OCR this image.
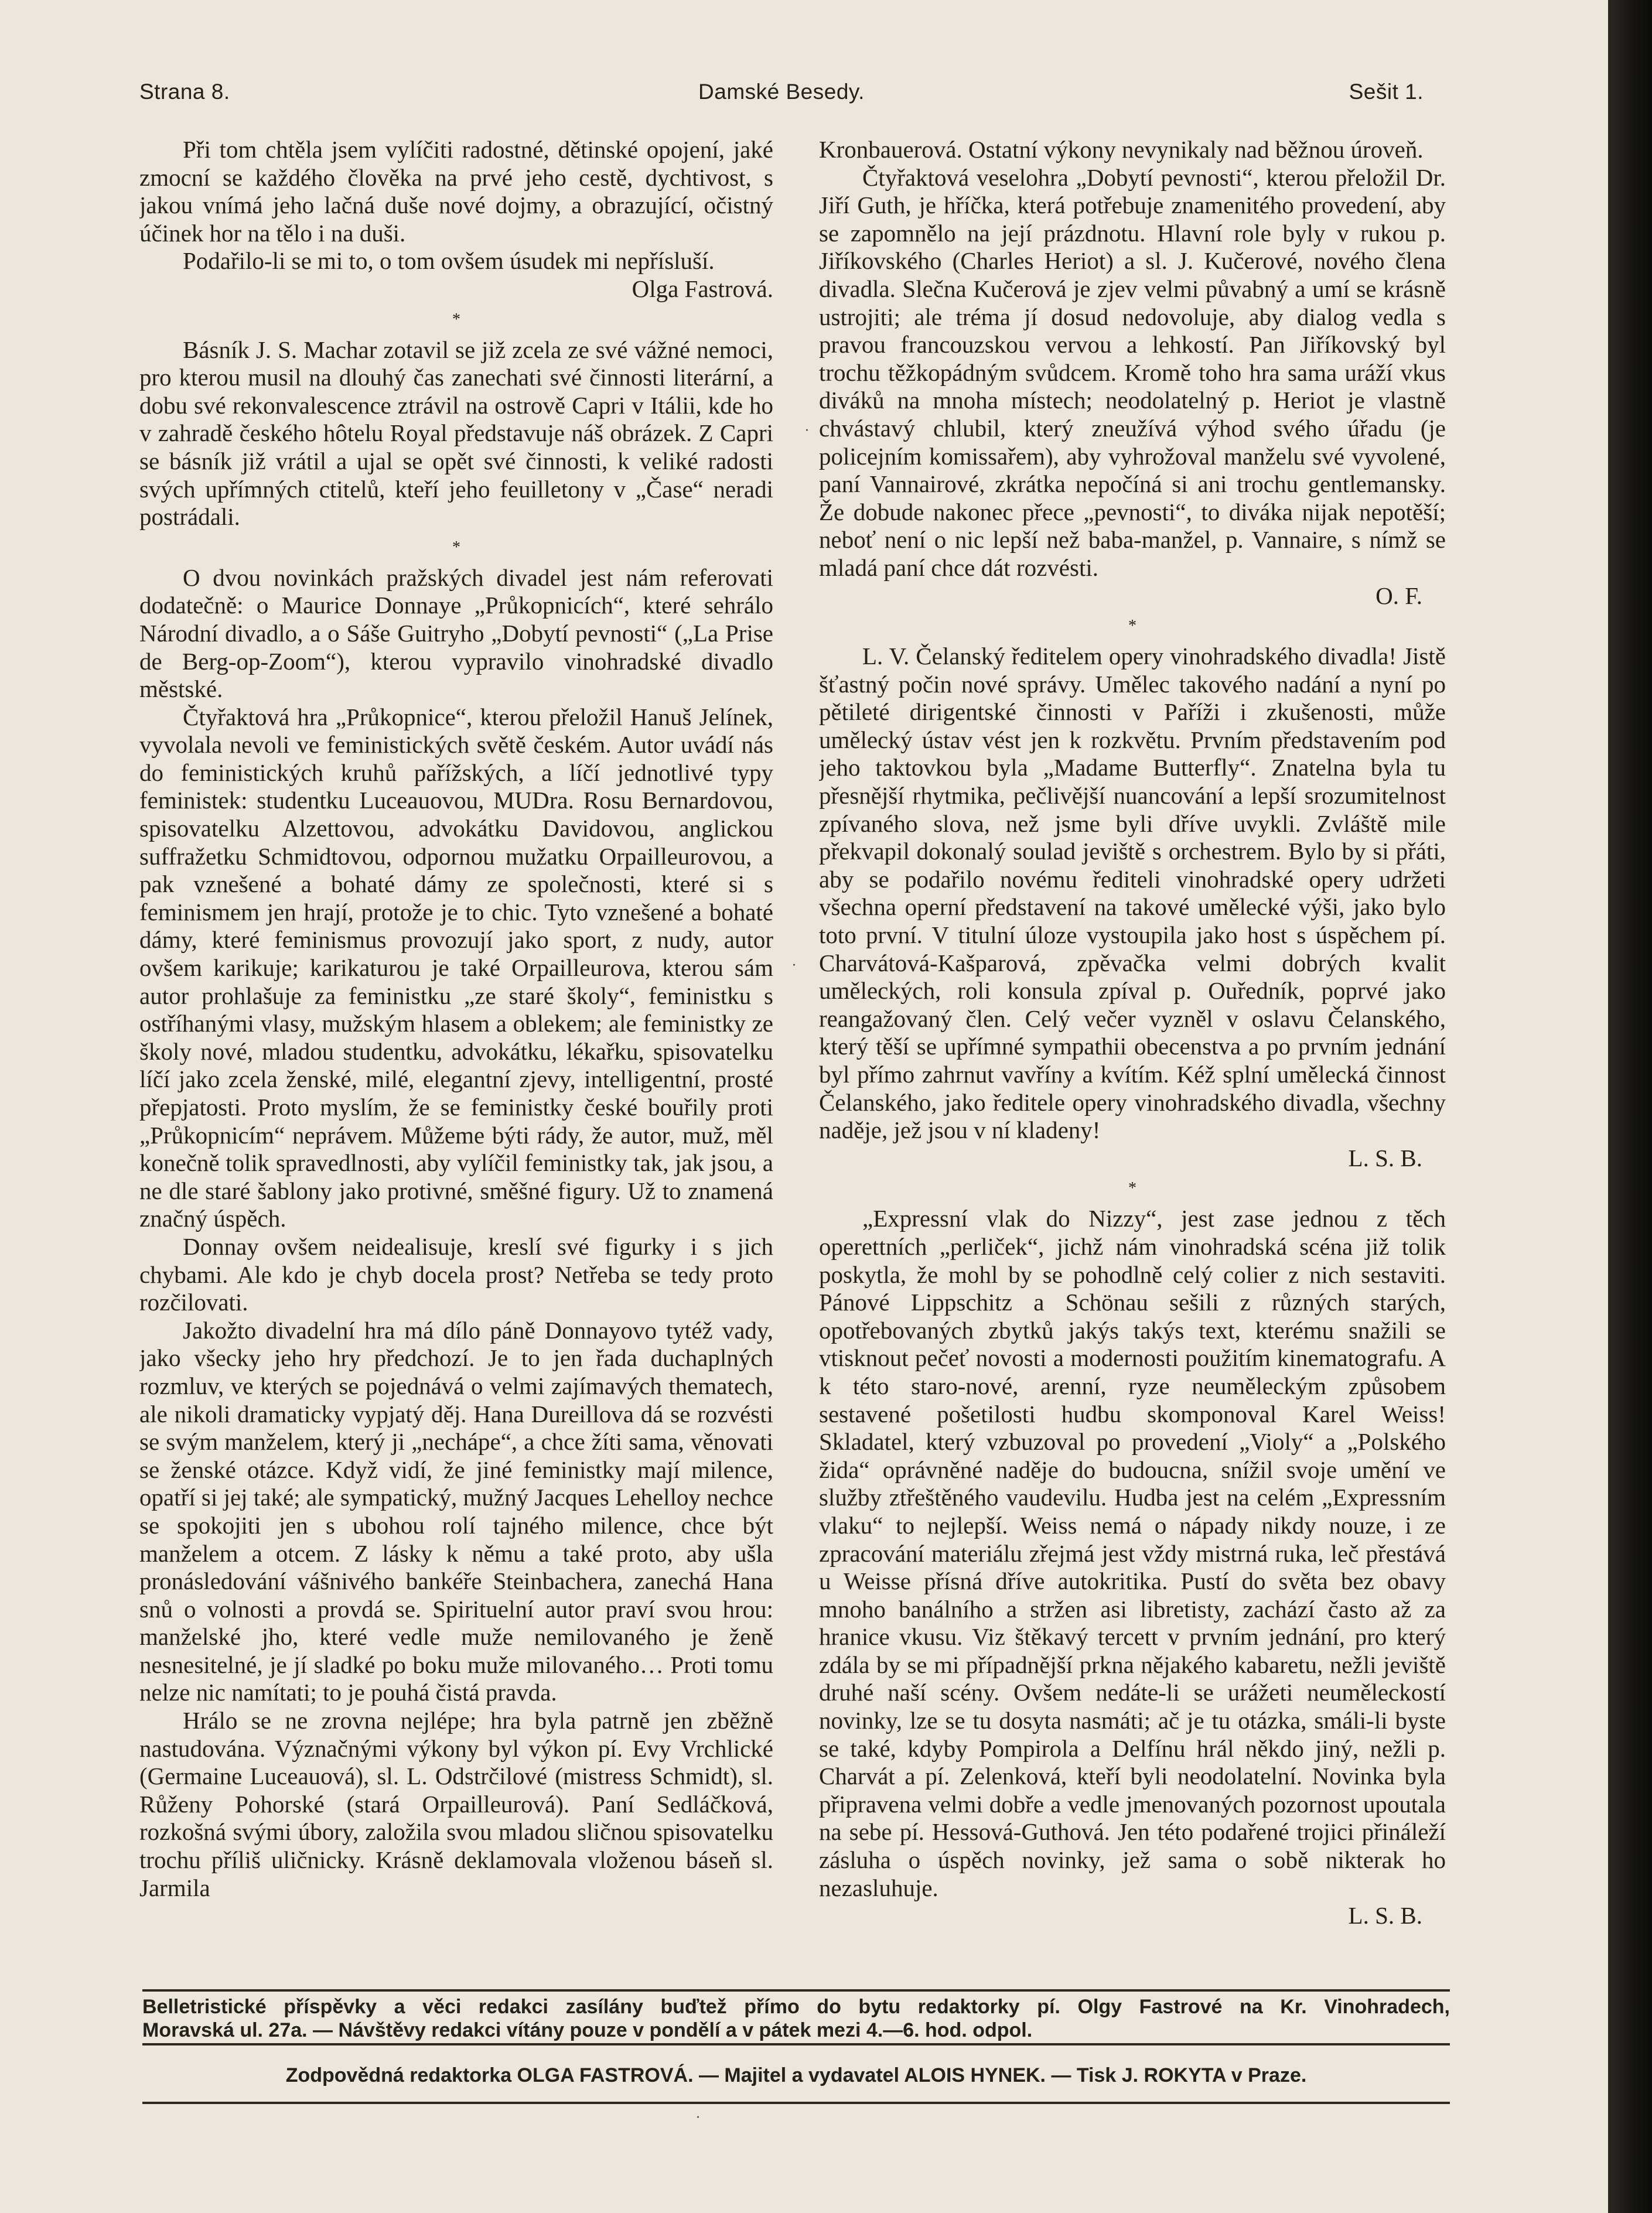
Strana 8.	Damské Besedy.	Sešit 1.

Při tom chtěla jsem vylíčiti radostné, dětinské opojení, jaké zmocní se každého člověka na prvé jeho cestě, dychtivost, s jakou vnímá jeho lačná duše nové dojmy, a obrazující, očistný účinek hor na tělo i na duši.

Podařilo-li se mi to, o tom ovšem úsudek mi nepřísluší.

Olga Fastrová.

*

Básník J. S. Machar zotavil se již zcela ze své vážné nemoci, pro kterou musil na dlouhý čas zanechati své činnosti literární, a dobu své rekonvalescence ztrávil na ostrově Capri v Itálii, kde ho v zahradě českého hôtelu Royal představuje náš obrázek. Z Capri se básník již vrátil a ujal se opět své činnosti, k veliké radosti svých upřímných ctitelů, kteří jeho feuilletony v „Čase“ neradi postrádali.

*

O dvou novinkách pražských divadel jest nám referovati dodatečně: o Maurice Donnaye „Průkopnicích“, které sehrálo Národní divadlo, a o Sáše Guitryho „Dobytí pevnosti“ („La Prise de Berg-op-Zoom“), kterou vypravilo vinohradské divadlo městské.

Čtyřaktová hra „Průkopnice“, kterou přeložil Hanuš Jelínek, vyvolala nevoli ve feministických světě českém. Autor uvádí nás do feministických kruhů pařížských, a líčí jednotlivé typy feministek: studentku Luceauovou, MUDra. Rosu Bernardovou, spisovatelku Alzettovou, advokátku Davidovou, anglickou suffražetku Schmidtovou, odpornou mužatku Orpailleurovou, a pak vznešené a bohaté dámy ze společnosti, které si s feminismem jen hrají, protože je to chic. Tyto vznešené a bohaté dámy, které feminismus provozují jako sport, z nudy, autor ovšem karikuje; karikaturou je také Orpailleurova, kterou sám autor prohlašuje za feministku „ze staré školy“, feministku s ostříhanými vlasy, mužským hlasem a oblekem; ale feministky ze školy nové, mladou studentku, advokátku, lékařku, spisovatelku líčí jako zcela ženské, milé, elegantní zjevy, intelligentní, prosté přepjatosti. Proto myslím, že se feministky české bouřily proti „Průkopnicím“ neprávem. Můžeme býti rády, že autor, muž, měl konečně tolik spravedlnosti, aby vylíčil feministky tak, jak jsou, a ne dle staré šablony jako protivné, směšné figury. Už to znamená značný úspěch.

Donnay ovšem neidealisuje, kreslí své figurky i s jich chybami. Ale kdo je chyb docela prost? Netřeba se tedy proto rozčilovati.

Jakožto divadelní hra má dílo páně Donnayovo tytéž vady, jako všecky jeho hry předchozí. Je to jen řada duchaplných rozmluv, ve kterých se pojednává o velmi zajímavých thematech, ale nikoli dramaticky vypjatý děj. Hana Dureillova dá se rozvésti se svým manželem, který ji „nechápe“, a chce žíti sama, věnovati se ženské otázce. Když vidí, že jiné feministky mají milence, opatří si jej také; ale sympatický, mužný Jacques Lehelloy nechce se spokojiti jen s ubohou rolí tajného milence, chce být manželem a otcem. Z lásky k němu a také proto, aby ušla pronásledování vášnivého bankéře Steinbachera, zanechá Hana snů o volnosti a provdá se. Spirituelní autor praví svou hrou: manželské jho, které vedle muže nemilovaného je ženě nesnesitelné, je jí sladké po boku muže milovaného… Proti tomu nelze nic namítati; to je pouhá čistá pravda.

Hrálo se ne zrovna nejlépe; hra byla patrně jen zběžně nastudována. Význačnými výkony byl výkon pí. Evy Vrchlické (Germaine Luceauová), sl. L. Odstrčilové (mistress Schmidt), sl. Růženy Pohorské (stará Orpailleurová). Paní Sedláčková, rozkošná svými úbory, založila svou mladou sličnou spisovatelku trochu příliš uličnicky. Krásně deklamovala vloženou báseň sl. Jarmila

Kronbauerová. Ostatní výkony nevynikaly nad běžnou úroveň.

Čtyřaktová veselohra „Dobytí pevnosti“, kterou přeložil Dr. Jiří Guth, je hříčka, která potřebuje znamenitého provedení, aby se zapomnělo na její prázdnotu. Hlavní role byly v rukou p. Jiříkovského (Charles Heriot) a sl. J. Kučerové, nového člena divadla. Slečna Kučerová je zjev velmi půvabný a umí se krásně ustrojiti; ale tréma jí dosud nedovoluje, aby dialog vedla s pravou francouzskou vervou a lehkostí. Pan Jiříkovský byl trochu těžkopádným svůdcem. Kromě toho hra sama uráží vkus diváků na mnoha místech; neodolatelný p. Heriot je vlastně chvástavý chlubil, který zneužívá výhod svého úřadu (je policejním komissařem), aby vyhrožoval manželu své vyvolené, paní Vannairové, zkrátka nepočíná si ani trochu gentlemansky. Že dobude nakonec přece „pevnosti“, to diváka nijak nepotěší; neboť není o nic lepší než baba-manžel, p. Vannaire, s nímž se mladá paní chce dát rozvésti.

O. F.

*

L. V. Čelanský ředitelem opery vinohradského divadla! Jistě šťastný počin nové správy. Umělec takového nadání a nyní po pětileté dirigentské činnosti v Paříži i zkušenosti, může umělecký ústav vést jen k rozkvětu. Prvním představením pod jeho taktovkou byla „Madame Butterfly“. Znatelna byla tu přesnější rhytmika, pečlivější nuancování a lepší srozumitelnost zpívaného slova, než jsme byli dříve uvykli. Zvláště mile překvapil dokonalý soulad jeviště s orchestrem. Bylo by si přáti, aby se podařilo novému řediteli vinohradské opery udržeti všechna operní představení na takové umělecké výši, jako bylo toto první. V titulní úloze vystoupila jako host s úspěchem pí. Charvátová-Kašparová, zpěvačka velmi dobrých kvalit uměleckých, roli konsula zpíval p. Ouředník, poprvé jako reangažovaný člen. Celý večer vyzněl v oslavu Čelanského, který těší se upřímné sympathii obecenstva a po prvním jednání byl přímo zahrnut vavříny a kvítím. Kéž splní umělecká činnost Čelanského, jako ředitele opery vinohradského divadla, všechny naděje, jež jsou v ní kladeny!

L. S. B.

*

„Expressní vlak do Nizzy“, jest zase jednou z těch operettních „perliček“, jichž nám vinohradská scéna již tolik poskytla, že mohl by se pohodlně celý colier z nich sestaviti. Pánové Lippschitz a Schönau sešili z různých starých, opotřebovaných zbytků jakýs takýs text, kterému snažili se vtisknout pečeť novosti a modernosti použitím kinematografu. A k této staro-nové, arenní, ryze neuměleckým způsobem sestavené pošetilosti hudbu skomponoval Karel Weiss! Skladatel, který vzbuzoval po provedení „Violy“ a „Polského žida“ oprávněné naděje do budoucna, snížil svoje umění ve služby ztřeštěného vaudevilu. Hudba jest na celém „Expressním vlaku“ to nejlepší. Weiss nemá o nápady nikdy nouze, i ze zpracování materiálu zřejmá jest vždy mistrná ruka, leč přestává u Weisse přísná dříve autokritika. Pustí do světa bez obavy mnoho banálního a stržen asi libretisty, zachází často až za hranice vkusu. Viz štěkavý tercett v prvním jednání, pro který zdála by se mi případnější prkna nějakého kabaretu, nežli jeviště druhé naší scény. Ovšem nedáte-li se urážeti neuměleckostí novinky, lze se tu dosyta nasmáti; ač je tu otázka, smáli-li byste se také, kdyby Pompirola a Delfínu hrál někdo jiný, nežli p. Charvát a pí. Zelenková, kteří byli neodolatelní. Novinka byla připravena velmi dobře a vedle jmenovaných pozornost upoutala na sebe pí. Hessová-Guthová. Jen této podařené trojici přináleží zásluha o úspěch novinky, jež sama o sobě nikterak ho nezasluhuje.

L. S. B.

Belletristické příspěvky a věci redakci zasílány buďtež přímo do bytu redaktorky pí. Olgy Fastrové na Kr. Vinohradech,

Moravská ul. 27a. — Návštěvy redakci vítány pouze v pondělí a v pátek mezi 4.—6. hod. odpol.

Zodpovědná redaktorka OLGA FASTROVÁ. — Majitel a vydavatel ALOIS HYNEK. — Tisk J. ROKYTA v Praze.
·
·
·
